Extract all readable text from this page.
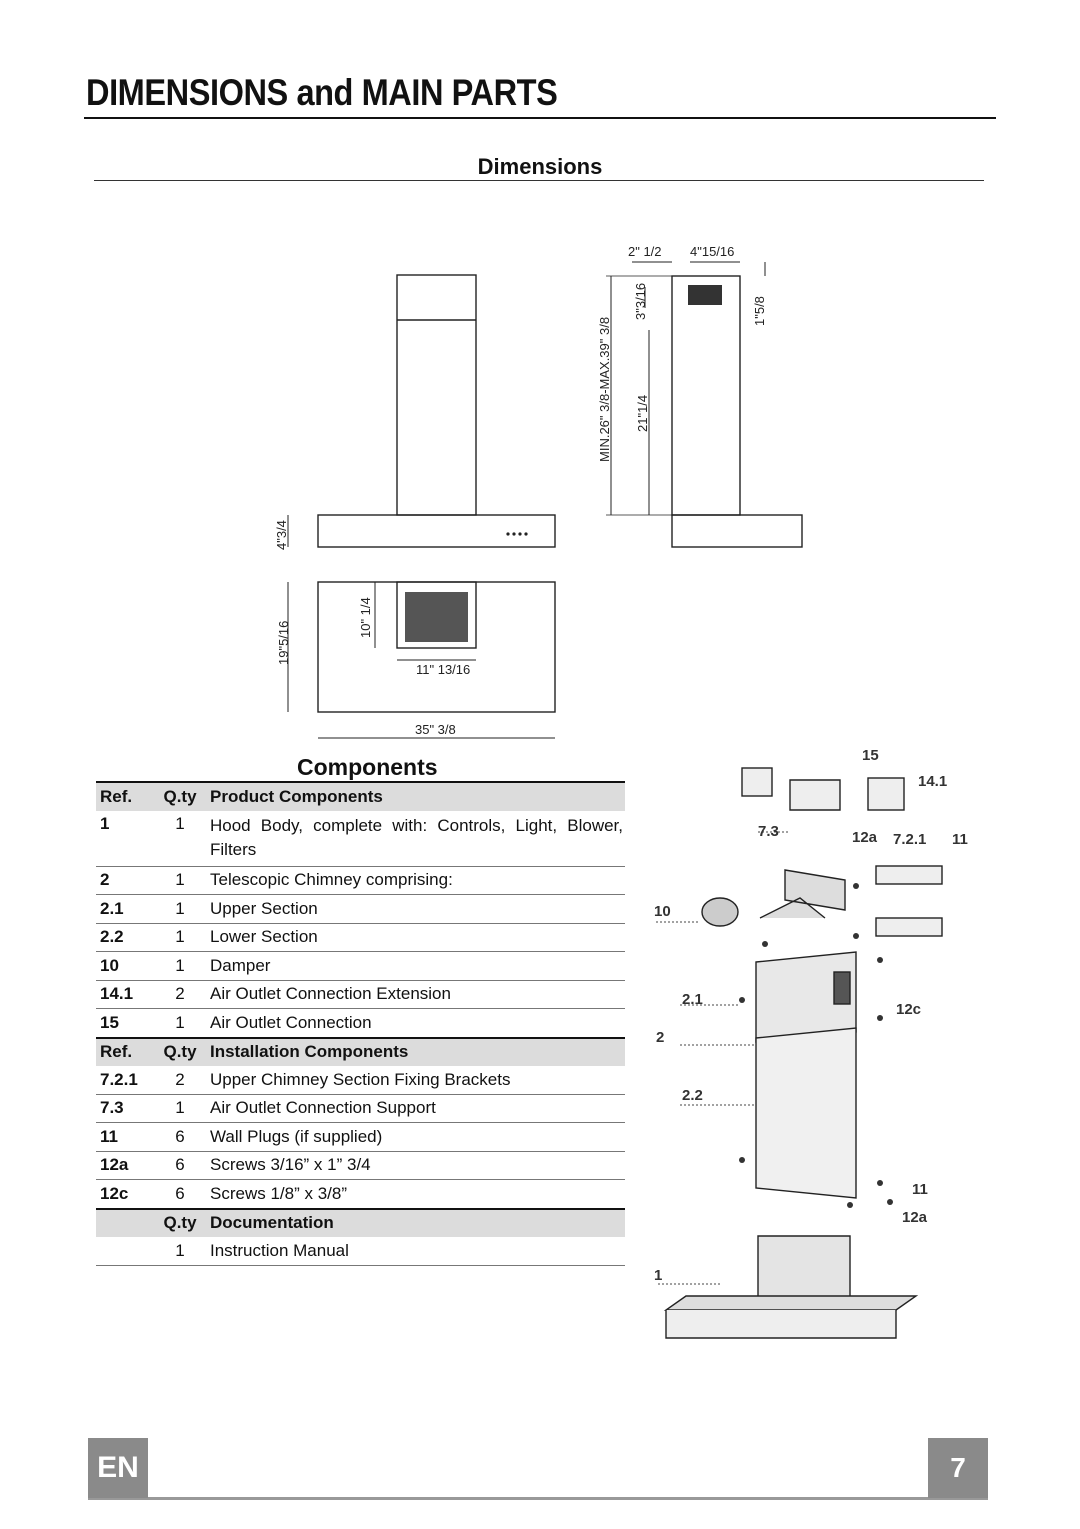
DIMENSIONS and MAIN PARTS
Dimensions
2" 1/2 4"15/16
3"3/16	1"5/8
MIN.26" 3/8-MAX.39" 3/8 21"1/4
4"3/4
19"5/16
10" 1/4
11" 13/16
35" 3/8
Components
Ref.	Q.ty	Product Components
1	1	Hood Body, complete with: Controls, Light, Blower, Filters
2	1	Telescopic Chimney comprising:
2.1	1	Upper Section
2.2	1	Lower Section
10	1	Damper
14.1	2	Air Outlet Connection Extension
15	1	Air Outlet Connection
Ref.	Q.ty	Installation Components
7.2.1	2	Upper Chimney Section Fixing Brackets
7.3	1	Air Outlet Connection Support
11	6	Wall Plugs (if supplied)
12a	6	Screws 3/16” x 1” 3/4
12c	6	Screws 1/8” x 3/8”
	Q.ty	Documentation
	1	Instruction Manual
10
7.3
15
14.1
12a 7.2.1 11
2.1
12c
2
2.2
11
12a
1
EN	7
